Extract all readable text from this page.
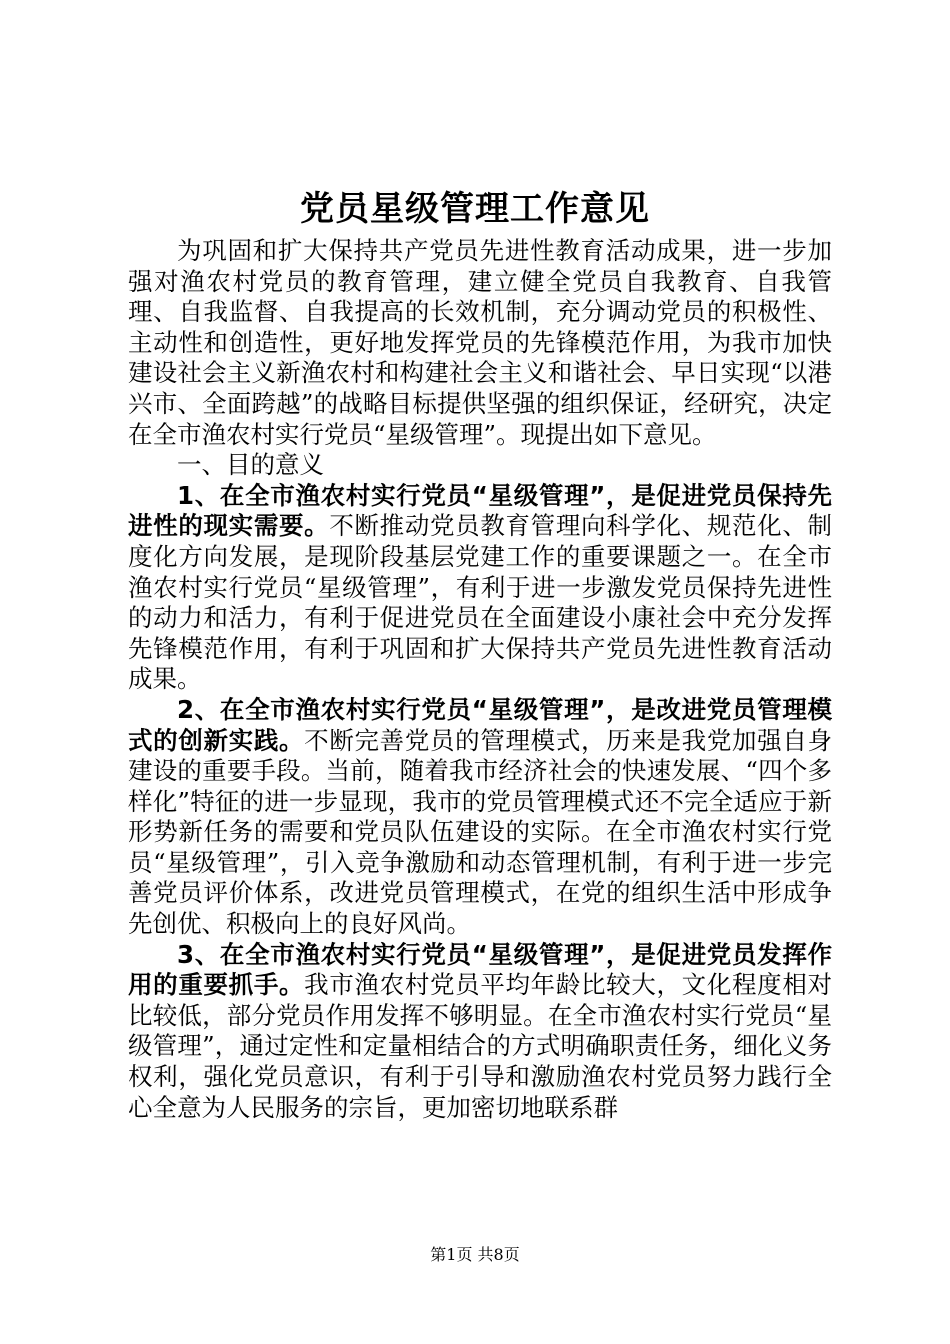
党员星级管理工作意见

为巩固和扩大保持共产党员先进性教育活动成果，进一步加强对渔农村党员的教育管理，建立健全党员自我教育、自我管理、自我监督、自我提高的长效机制，充分调动党员的积极性、主动性和创造性，更好地发挥党员的先锋模范作用，为我市加快建设社会主义新渔农村和构建社会主义和谐社会、早日实现“以港兴市、全面跨越”的战略目标提供坚强的组织保证，经研究，决定在全市渔农村实行党员“星级管理”。现提出如下意见。

一、目的意义

1、在全市渔农村实行党员“星级管理”，是促进党员保持先进性的现实需要。不断推动党员教育管理向科学化、规范化、制度化方向发展，是现阶段基层党建工作的重要课题之一。在全市渔农村实行党员“星级管理”，有利于进一步激发党员保持先进性的动力和活力，有利于促进党员在全面建设小康社会中充分发挥先锋模范作用，有利于巩固和扩大保持共产党员先进性教育活动成果。

2、在全市渔农村实行党员“星级管理”，是改进党员管理模式的创新实践。不断完善党员的管理模式，历来是我党加强自身建设的重要手段。当前，随着我市经济社会的快速发展、“四个多样化”特征的进一步显现，我市的党员管理模式还不完全适应于新形势新任务的需要和党员队伍建设的实际。在全市渔农村实行党员“星级管理”，引入竞争激励和动态管理机制，有利于进一步完善党员评价体系，改进党员管理模式，在党的组织生活中形成争先创优、积极向上的良好风尚。

3、在全市渔农村实行党员“星级管理”，是促进党员发挥作用的重要抓手。我市渔农村党员平均年龄比较大，文化程度相对比较低，部分党员作用发挥不够明显。在全市渔农村实行党员“星级管理”，通过定性和定量相结合的方式明确职责任务，细化义务权利，强化党员意识，有利于引导和激励渔农村党员努力践行全心全意为人民服务的宗旨，更加密切地联系群

第1页 共8页
